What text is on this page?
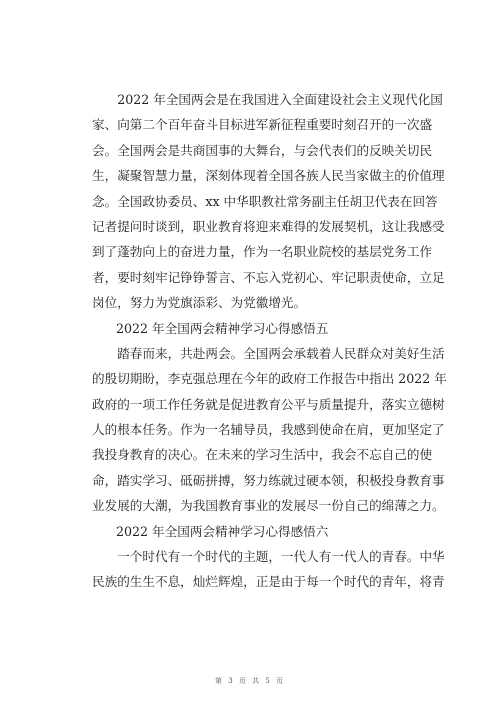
　　2022 年全国两会是在我国进入全面建设社会主义现代化国
家、向第二个百年奋斗目标进军新征程重要时刻召开的一次盛
会。全国两会是共商国事的大舞台，与会代表们的反映关切民
生，凝聚智慧力量，深刻体现着全国各族人民当家做主的价值理
念。全国政协委员、xx 中华职教社常务副主任胡卫代表在回答
记者提问时谈到，职业教育将迎来难得的发展契机，这让我感受
到了蓬勃向上的奋进力量，作为一名职业院校的基层党务工作
者，要时刻牢记铮铮誓言、不忘入党初心、牢记职责使命，立足
岗位，努力为党旗添彩、为党徽增光。
2022 年全国两会精神学习心得感悟五
　　踏春而来，共赴两会。全国两会承载着人民群众对美好生活
的殷切期盼，李克强总理在今年的政府工作报告中指出 2022 年
政府的一项工作任务就是促进教育公平与质量提升，落实立德树
人的根本任务。作为一名辅导员，我感到使命在肩，更加坚定了
我投身教育的决心。在未来的学习生活中，我会不忘自己的使
命，踏实学习、砥砺拼搏，努力练就过硬本领，积极投身教育事
业发展的大潮，为我国教育事业的发展尽一份自己的绵薄之力。
2022 年全国两会精神学习心得感悟六
　　一个时代有一个时代的主题，一代人有一代人的青春。中华
民族的生生不息，灿烂辉煌，正是由于每一个时代的青年，将青
第 3 页 共 5 页
